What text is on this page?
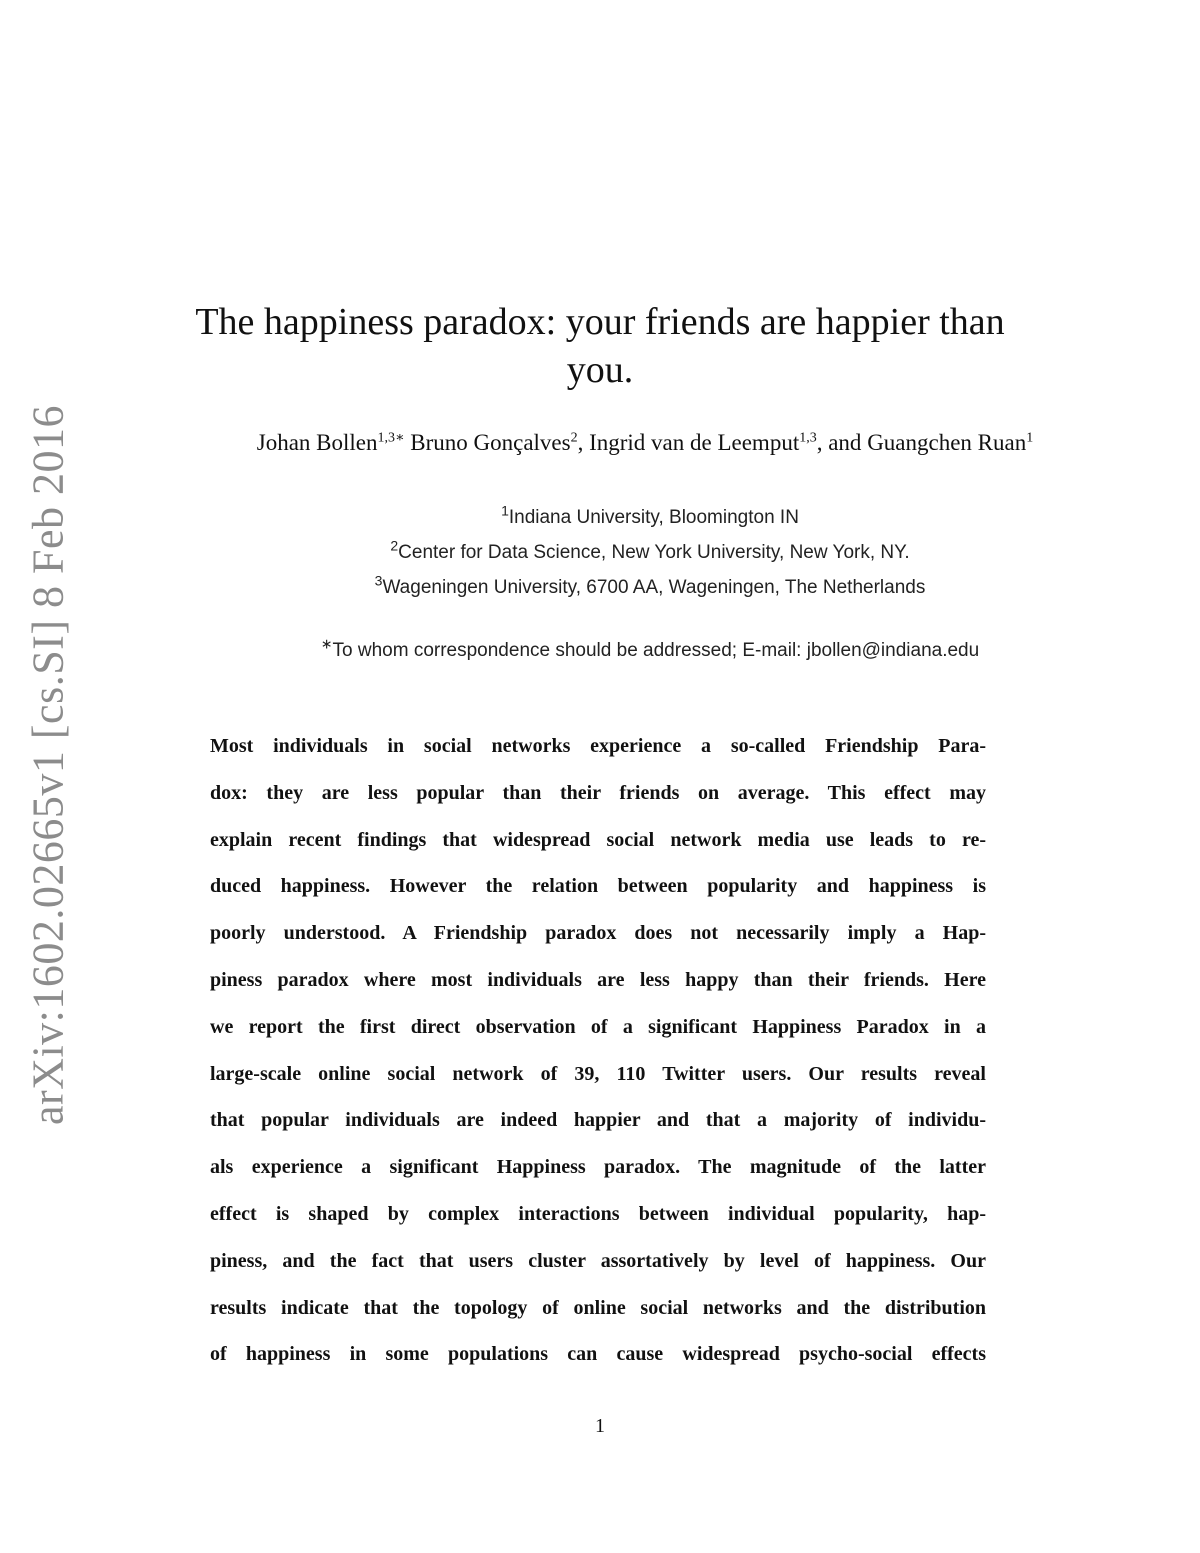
arXiv:1602.02665v1 [cs.SI] 8 Feb 2016
The happiness paradox: your friends are happier than
you.
Johan Bollen$^{1,3∗}$ Bruno Gonçalves$^2$, Ingrid van de Leemput$^{1,3}$, and Guangchen Ruan$^1$
$^1$Indiana University, Bloomington IN
$^2$Center for Data Science, New York University, New York, NY.
$^3$Wageningen University, 6700 AA, Wageningen, The Netherlands
∗To whom correspondence should be addressed; E-mail: jbollen@indiana.edu
Most individuals in social networks experience a so-called Friendship Para-
dox: they are less popular than their friends on average. This effect may
explain recent findings that widespread social network media use leads to re-
duced happiness. However the relation between popularity and happiness is
poorly understood. A Friendship paradox does not necessarily imply a Hap-
piness paradox where most individuals are less happy than their friends. Here
we report the first direct observation of a significant Happiness Paradox in a
large-scale online social network of 39, 110 Twitter users. Our results reveal
that popular individuals are indeed happier and that a majority of individu-
als experience a significant Happiness paradox. The magnitude of the latter
effect is shaped by complex interactions between individual popularity, hap-
piness, and the fact that users cluster assortatively by level of happiness. Our
results indicate that the topology of online social networks and the distribution
of happiness in some populations can cause widespread psycho-social effects
1
